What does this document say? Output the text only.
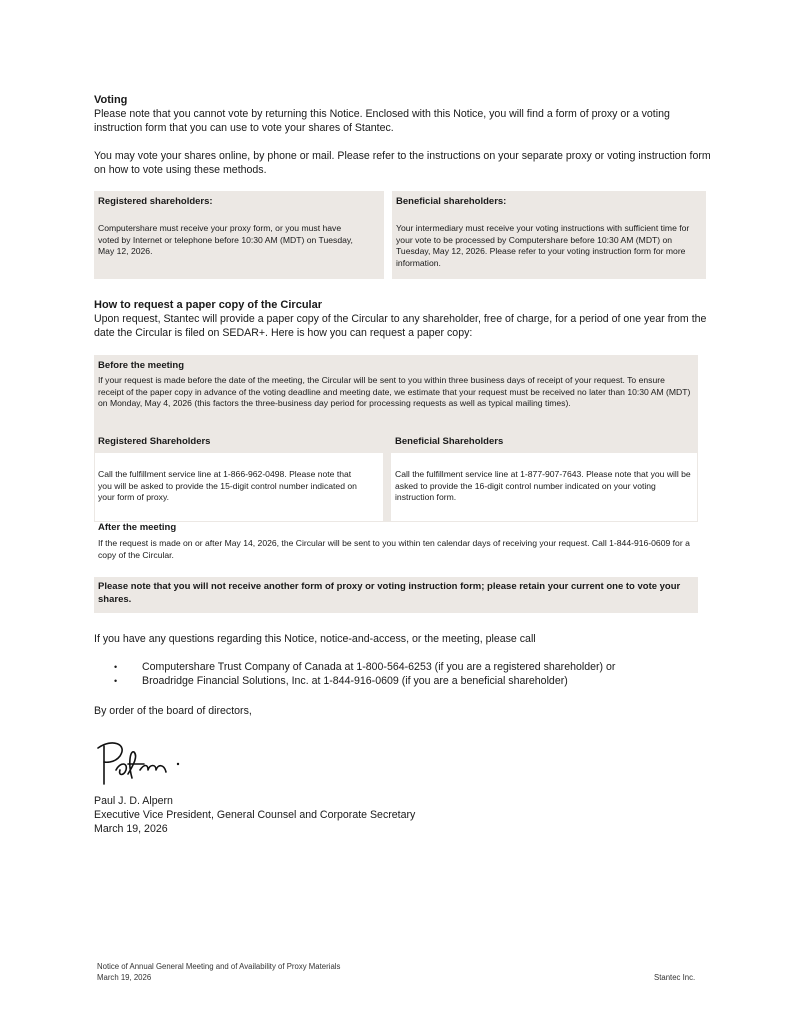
Voting
Please note that you cannot vote by returning this Notice. Enclosed with this Notice, you will find a form of proxy or a voting instruction form that you can use to vote your shares of Stantec.
You may vote your shares online, by phone or mail. Please refer to the instructions on your separate proxy or voting instruction form on how to vote using these methods.
Registered shareholders:
Computershare must receive your proxy form, or you must have voted by Internet or telephone before 10:30 AM (MDT) on Tuesday, May 12, 2026.
Beneficial shareholders:
Your intermediary must receive your voting instructions with sufficient time for your vote to be processed by Computershare before 10:30 AM (MDT) on Tuesday, May 12, 2026. Please refer to your voting instruction form for more information.
How to request a paper copy of the Circular
Upon request, Stantec will provide a paper copy of the Circular to any shareholder, free of charge, for a period of one year from the date the Circular is filed on SEDAR+. Here is how you can request a paper copy:
Before the meeting
If your request is made before the date of the meeting, the Circular will be sent to you within three business days of receipt of your request. To ensure receipt of the paper copy in advance of the voting deadline and meeting date, we estimate that your request must be received no later than 10:30 AM (MDT) on Monday, May 4, 2026 (this factors the three-business day period for processing requests as well as typical mailing times).
Registered Shareholders
Call the fulfillment service line at 1-866-962-0498. Please note that you will be asked to provide the 15-digit control number indicated on your form of proxy.
Beneficial Shareholders
Call the fulfillment service line at 1-877-907-7643. Please note that you will be asked to provide the 16-digit control number indicated on your voting instruction form.
After the meeting
If the request is made on or after May 14, 2026, the Circular will be sent to you within ten calendar days of receiving your request. Call 1-844-916-0609 for a copy of the Circular.
Please note that you will not receive another form of proxy or voting instruction form; please retain your current one to vote your shares.
If you have any questions regarding this Notice, notice-and-access, or the meeting, please call
• Computershare Trust Company of Canada at 1-800-564-6253 (if you are a registered shareholder) or
• Broadridge Financial Solutions, Inc. at 1-844-916-0609 (if you are a beneficial shareholder)
By order of the board of directors,
Paul J. D. Alpern
Executive Vice President, General Counsel and Corporate Secretary
March 19, 2026
Notice of Annual General Meeting and of Availability of Proxy Materials
March 19, 2026	Stantec Inc.
